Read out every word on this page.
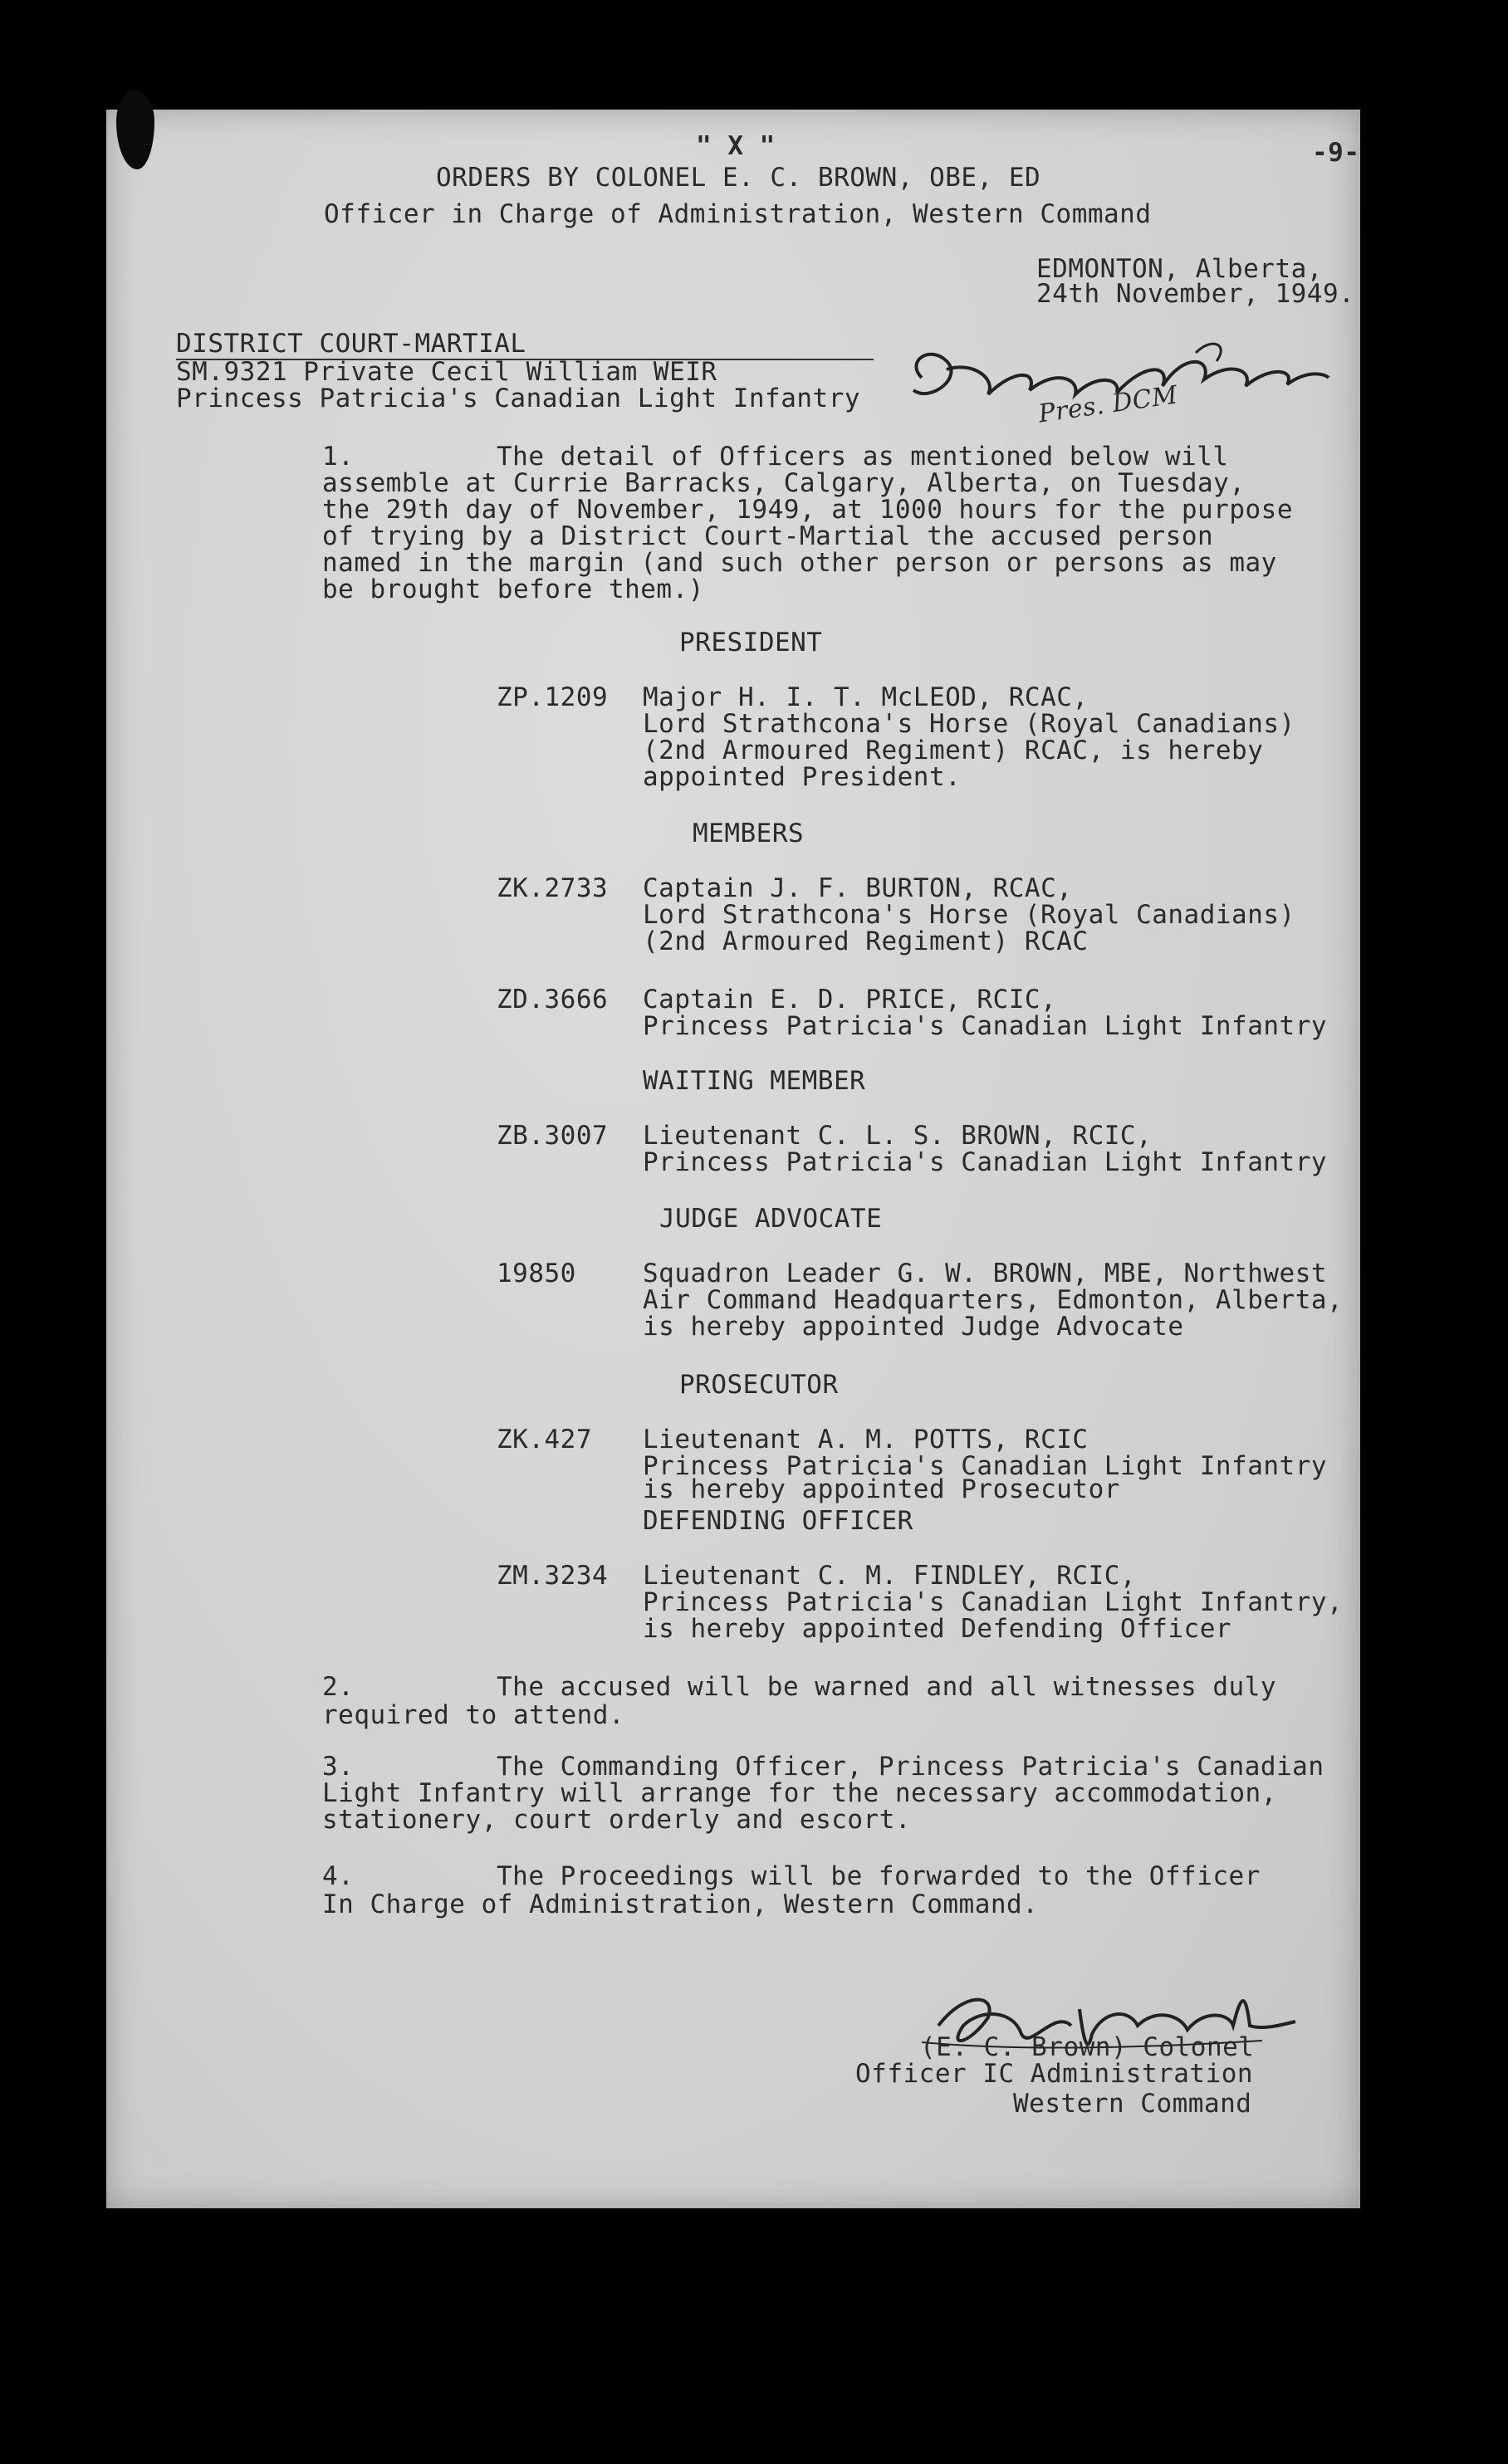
" X "	-9-
ORDERS BY COLONEL E. C. BROWN, OBE, ED
Officer in Charge of Administration, Western Command
EDMONTON, Alberta,
24th November, 1949.
DISTRICT COURT-MARTIAL
SM.9321 Private Cecil William WEIR
Princess Patricia's Canadian Light Infantry	Pres. DCM
1.	The detail of Officers as mentioned below will
assemble at Currie Barracks, Calgary, Alberta, on Tuesday,
the 29th day of November, 1949, at 1000 hours for the purpose
of trying by a District Court-Martial the accused person
named in the margin (and such other person or persons as may
be brought before them.)
PRESIDENT
ZP.1209 Major H. I. T. McLEOD, RCAC,
Lord Strathcona's Horse (Royal Canadians)
(2nd Armoured Regiment) RCAC, is hereby
appointed President.
MEMBERS
ZK.2733 Captain J. F. BURTON, RCAC,
Lord Strathcona's Horse (Royal Canadians)
(2nd Armoured Regiment) RCAC
ZD.3666 Captain E. D. PRICE, RCIC,
Princess Patricia's Canadian Light Infantry
WAITING MEMBER
ZB.3007 Lieutenant C. L. S. BROWN, RCIC,
Princess Patricia's Canadian Light Infantry
JUDGE ADVOCATE
19850	Squadron Leader G. W. BROWN, MBE, Northwest
Air Command Headquarters, Edmonton, Alberta,
is hereby appointed Judge Advocate
PROSECUTOR
ZK.427 Lieutenant A. M. POTTS, RCIC
Princess Patricia's Canadian Light Infantry
is hereby appointed Prosecutor
DEFENDING OFFICER
ZM.3234 Lieutenant C. M. FINDLEY, RCIC,
Princess Patricia's Canadian Light Infantry,
is hereby appointed Defending Officer
2.	The accused will be warned and all witnesses duly
required to attend.
3.	The Commanding Officer, Princess Patricia's Canadian
Light Infantry will arrange for the necessary accommodation,
stationery, court orderly and escort.
4.	The Proceedings will be forwarded to the Officer
In Charge of Administration, Western Command.
(E. C. Brown) Colonel
Officer IC Administration
Western Command
